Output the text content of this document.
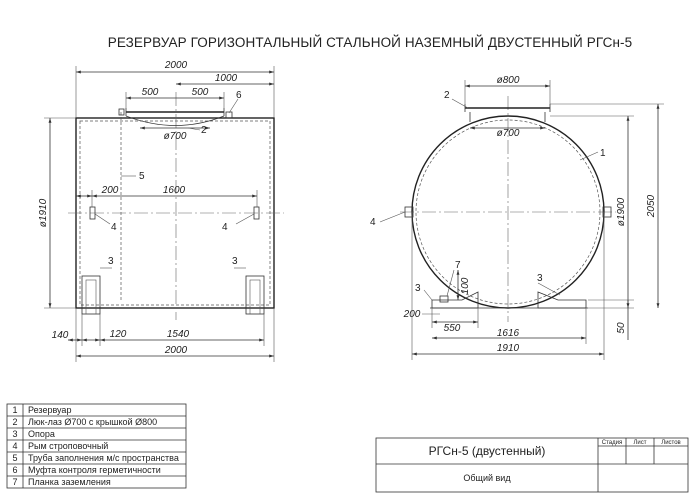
РЕЗЕРВУАР ГОРИЗОНТАЛЬНЫЙ СТАЛЬНОЙ НАЗЕМНЫЙ ДВУСТЕННЫЙ РГСн-5
2000
1000
500	500
ø700
2
6
200	1600
5
4	4
ø1910
3	3
140	120	1540
2000
ø800
ø700
2
1
4	ø1900 2050
50
100
7
3
3
200
550	1616
1910
1 Резервуар
2 Люк-лаз Ø700 с крышкой Ø800
3 Опора
4 Рым строповочный
5 Труба заполнения м/с пространства
6 Муфта контроля герметичности
7 Планка заземления
РГСн-5 (двустенный)
Общий вид
Стадия Лист Листов
